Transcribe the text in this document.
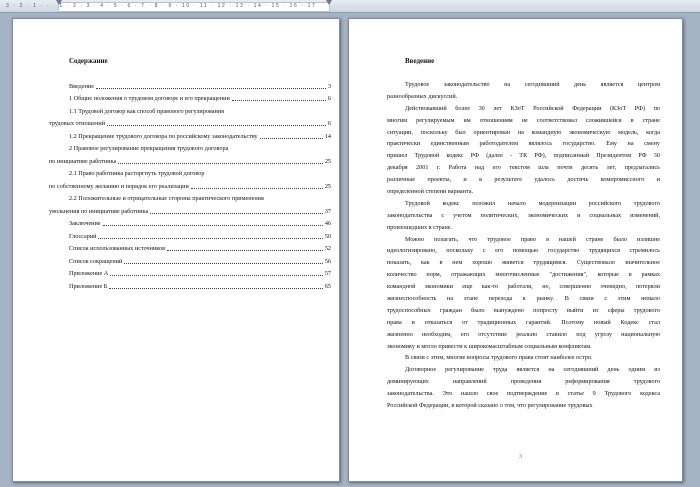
3 · 2 · 1 · · · 1 · 2 · 3 · 4 · 5 · 6 · 7 · 8 · 9 · 10 · 11 · 12 · 13 · 14 · 15 · 16 · 17
Содержание
Введение	3
1 Общие положения о трудовом договоре и его прекращении	6
1.1 Трудовой договор как способ правового регулирования
трудовых отношений	6
1.2 Прекращение трудового договора по российскому законодательству	14
2 Правовое регулирование прекращения трудового договора
по инициативе работника	25
2.1 Право работника расторгнуть трудовой договор
по собственному желанию и порядок его реализации	25
2.2 Положительные и отрицательные стороны практического применения
увольнения по инициативе работника	37
Заключение	46
Глоссарий	50
Список использованных источников	52
Список сокращений	56
Приложение А	57
Приложение Б	65
Введение
Трудовое законодательство на сегодняшний день является центром
разнообразных дискуссий.
Действовавший более 30 лет КЗоТ Российской Федерации (КЗоТ РФ) по
многим регулируемым им отношениям не соответствовал сложившейся в стране
ситуации, поскольку был ориентирован на командную экономическую модель, когда
практически единственным работодателем являлось государство. Ему на смену
пришел Трудовой кодекс РФ (далее - ТК РФ), подписанный Президентом РФ 30
декабря 2001 г. Работа над его текстом шла почти десять лет, предлагались
различные проекты, и в результате удалось достичь компромиссного и
определенной степени варианта.
Трудовой кодекс положил начало модернизации российского трудового
законодательства с учетом политических, экономических и социальных изменений,
произошедших в стране.
Можно полагать, что трудовое право в нашей стране было излишне
идеологизировано, поскольку с его помощью государство трудящихся стремилось
показать, как в нем хорошо живется трудящимся. Существовало значительное
количество норм, отражающих многочисленные "достижения", которые в рамках
командной экономики еще как-то работали, но, совершенно очевидно, потеряли
жизнеспособность на этапе перехода к рынку. В связи с этим немало
трудоспособных граждан было вынуждено попросту выйти из сферы трудового
права и отказаться от традиционных гарантий. Поэтому новый Кодекс стал
жизненно необходим, его отсутствие реально ставило под угрозу национальную
экономику и могло привести к широкомасштабным социальным конфликтам.
В связи с этим, многие вопросы трудового права стоят наиболее остро.
Договорное регулирование труда является на сегодняшний день одним из
доминирующих направлений проведения реформирования трудового
законодательства. Это нашло свое подтверждение в статье 9 Трудового кодекса
Российской Федерации, в которой сказано о том, что регулирование трудовых
3
